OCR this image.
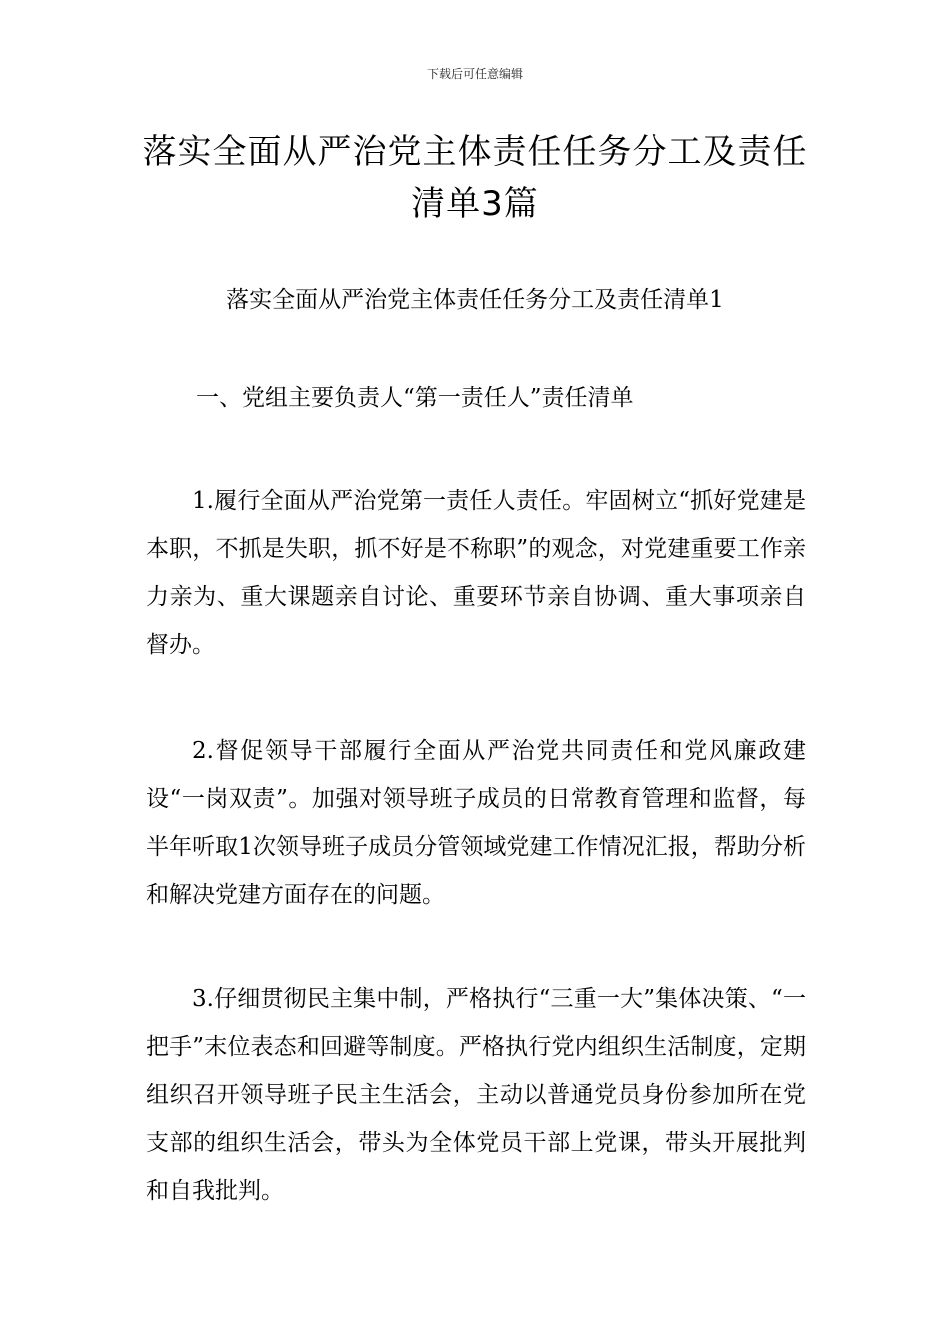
下载后可任意编辑
落实全面从严治党主体责任任务分工及责任清单3篇
落实全面从严治党主体责任任务分工及责任清单1
一、党组主要负责人“第一责任人”责任清单

1.履行全面从严治党第一责任人责任。牢固树立“抓好党建是本职，不抓是失职，抓不好是不称职”的观念，对党建重要工作亲力亲为、重大课题亲自讨论、重要环节亲自协调、重大事项亲自督办。

2.督促领导干部履行全面从严治党共同责任和党风廉政建设“一岗双责”。加强对领导班子成员的日常教育管理和监督，每半年听取1次领导班子成员分管领域党建工作情况汇报，帮助分析和解决党建方面存在的问题。

3.仔细贯彻民主集中制，严格执行“三重一大”集体决策、“一把手”末位表态和回避等制度。严格执行党内组织生活制度，定期组织召开领导班子民主生活会，主动以普通党员身份参加所在党支部的组织生活会，带头为全体党员干部上党课，带头开展批判和自我批判。
